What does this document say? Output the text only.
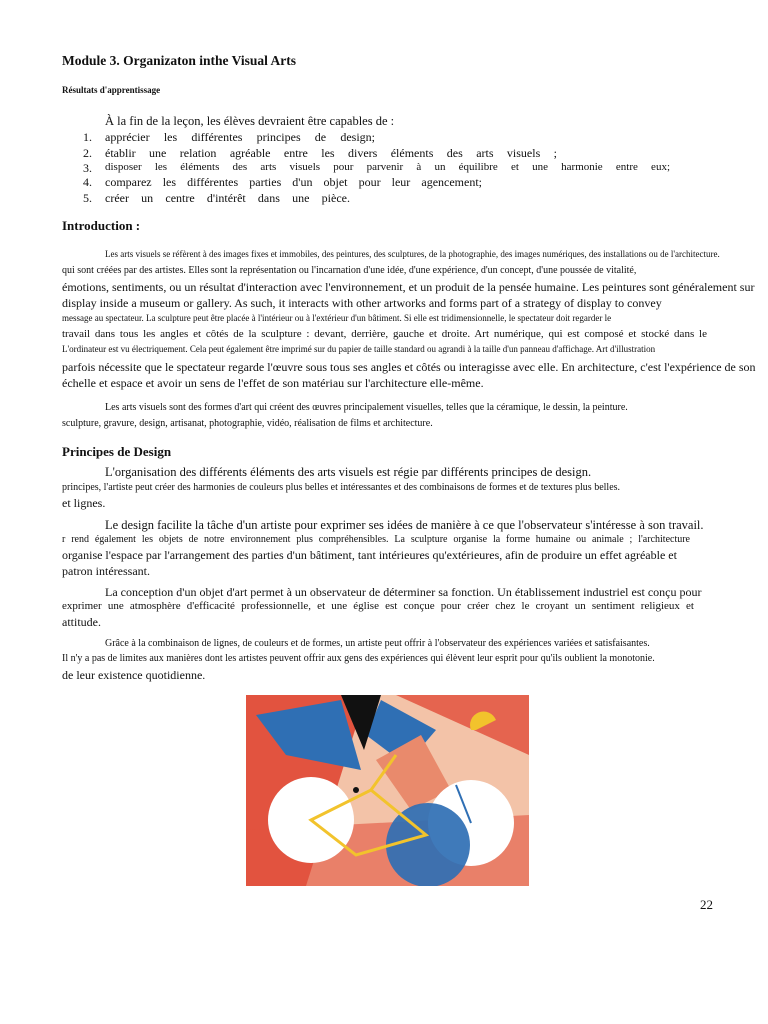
Module 3. Organizaton inthe Visual Arts
Résultats d'apprentissage
À la fin de la leçon, les élèves devraient être capables de :
1.	apprécier les différentes principes de design;
2.	établir une relation agréable entre les divers éléments des arts visuels ;
3.	disposer les éléments des arts visuels pour parvenir à un équilibre et une harmonie entre eux;
4.	comparez les différentes parties d'un objet pour leur agencement;
5.	créer un centre d'intérêt dans une pièce.
Introduction :
Les arts visuels se réfèrent à des images fixes et immobiles, des peintures, des sculptures, de la photographie, des images numériques, des installations ou de l'architecture.
qui sont créées par des artistes. Elles sont la représentation ou l'incarnation d'une idée, d'une expérience, d'un concept, d'une poussée de vitalité,
émotions, sentiments, ou un résultat d'interaction avec l'environnement, et un produit de la pensée humaine. Les peintures sont généralement sur
display inside a museum or gallery. As such, it interacts with other artworks and forms part of a strategy of display to convey
message au spectateur. La sculpture peut être placée à l'intérieur ou à l'extérieur d'un bâtiment. Si elle est tridimensionnelle, le spectateur doit regarder le
travail dans tous les angles et côtés de la sculpture : devant, derrière, gauche et droite. Art numérique, qui est composé et stocké dans le
L'ordinateur est vu électriquement. Cela peut également être imprimé sur du papier de taille standard ou agrandi à la taille d'un panneau d'affichage. Art d'illustration
parfois nécessite que le spectateur regarde l'œuvre sous tous ses angles et côtés ou interagisse avec elle. En architecture, c'est l'expérience de son
échelle et espace et avoir un sens de l'effet de son matériau sur l'architecture elle-même.
Les arts visuels sont des formes d'art qui créent des œuvres principalement visuelles, telles que la céramique, le dessin, la peinture.
sculpture, gravure, design, artisanat, photographie, vidéo, réalisation de films et architecture.
Principes de Design
L'organisation des différents éléments des arts visuels est régie par différents principes de design.
principes, l'artiste peut créer des harmonies de couleurs plus belles et intéressantes et des combinaisons de formes et de textures plus belles.
et lignes.
Le design facilite la tâche d'un artiste pour exprimer ses idées de manière à ce que l'observateur s'intéresse à son travail.
r rend également les objets de notre environnement plus compréhensibles. La sculpture organise la forme humaine ou animale ; l'architecture
organise l'espace par l'arrangement des parties d'un bâtiment, tant intérieures qu'extérieures, afin de produire un effet agréable et
patron intéressant.
La conception d'un objet d'art permet à un observateur de déterminer sa fonction. Un établissement industriel est conçu pour
exprimer une atmosphère d'efficacité professionnelle, et une église est conçue pour créer chez le croyant un sentiment religieux et
attitude.
Grâce à la combinaison de lignes, de couleurs et de formes, un artiste peut offrir à l'observateur des expériences variées et satisfaisantes.
Il n'y a pas de limites aux manières dont les artistes peuvent offrir aux gens des expériences qui élèvent leur esprit pour qu'ils oublient la monotonie.
de leur existence quotidienne.
22
